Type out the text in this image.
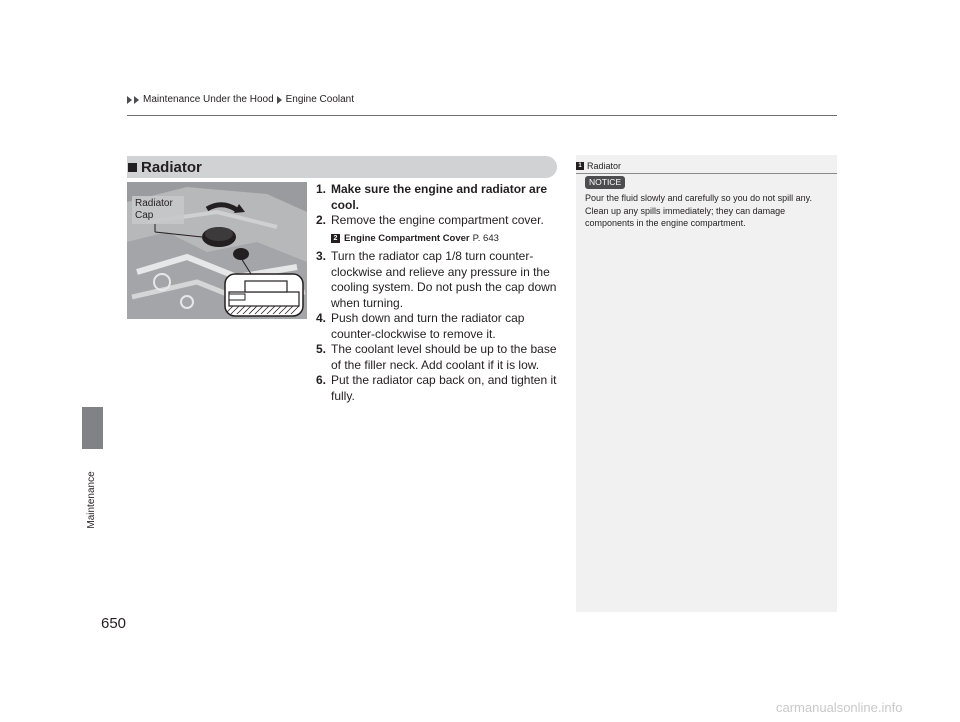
Maintenance Under the Hood Engine Coolant
Maintenance
650
Radiator
Radiator
Cap
1. Make sure the engine and radiator are cool.
2. Remove the engine compartment cover.
2 Engine Compartment Cover P. 643
3. Turn the radiator cap 1/8 turn counter-clockwise and relieve any pressure in the cooling system. Do not push the cap down when turning.
4. Push down and turn the radiator cap counter-clockwise to remove it.
5. The coolant level should be up to the base of the filler neck. Add coolant if it is low.
6. Put the radiator cap back on, and tighten it fully.
1 Radiator
NOTICE
Pour the fluid slowly and carefully so you do not spill any. Clean up any spills immediately; they can damage components in the engine compartment.
carmanualsonline.info
